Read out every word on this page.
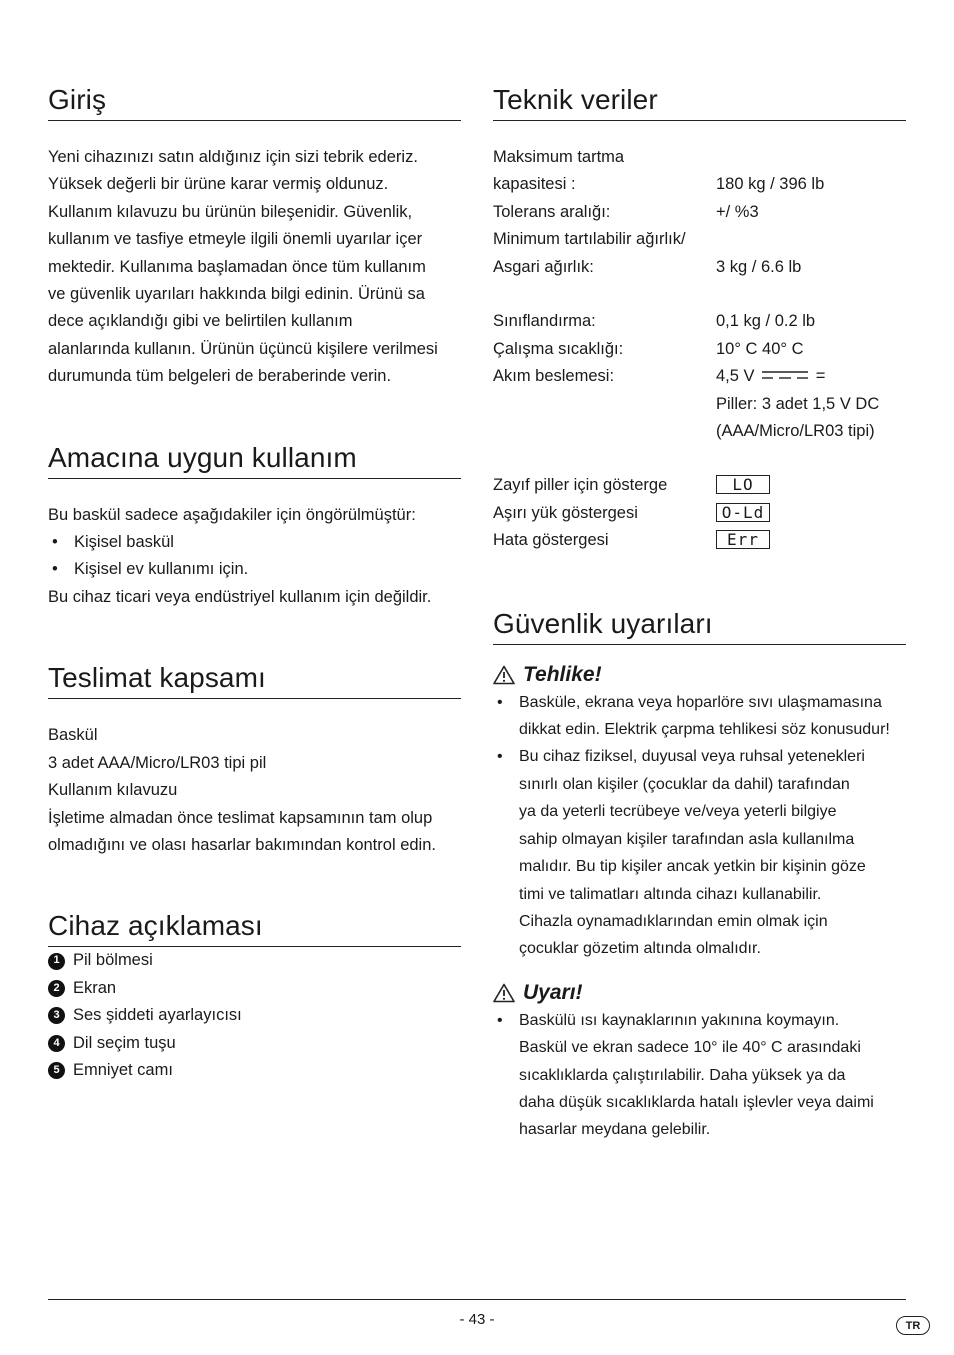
Giriş

Yeni cihazınızı satın aldığınız için sizi tebrik ederiz.

Yüksek değerli bir ürüne karar vermiş oldunuz.

Kullanım kılavuzu bu ürünün bileşenidir. Güvenlik,

kullanım ve tasfiye etmeyle ilgili önemli uyarılar içer

mektedir. Kullanıma başlamadan önce tüm kullanım

ve güvenlik uyarıları hakkında bilgi edinin. Ürünü sa

dece açıklandığı gibi ve belirtilen kullanım

alanlarında kullanın. Ürünün üçüncü kişilere verilmesi

durumunda tüm belgeleri de beraberinde verin.

Amacına uygun kullanım

Bu baskül sadece aşağıdakiler için öngörülmüştür:

• Kişisel baskül
• Kişisel ev kullanımı için.

Bu cihaz ticari veya endüstriyel kullanım için değildir.

Teslimat kapsamı

Baskül

3 adet AAA/Micro/LR03 tipi pil

Kullanım kılavuzu

İşletime almadan önce teslimat kapsamının tam olup

olmadığını ve olası hasarlar bakımından kontrol edin.

Cihaz açıklaması
1 Pil bölmesi
2 Ekran
3 Ses şiddeti ayarlayıcısı
4 Dil seçim tuşu
5 Emniyet camı
Teknik veriler
Maksimum tartma	
kapasitesi :	180 kg / 396 lb
Tolerans aralığı:	+/ %3
Minimum tartılabilir ağırlık/	
Asgari ağırlık:	3 kg / 6.6 lb

Sınıflandırma:	0,1 kg / 0.2 lb
Çalışma sıcaklığı:	10° C 40° C
Akım beslemesi:	4,5 V =
	Piller: 3 adet 1,5 V DC
	(AAA/Micro/LR03 tipi)

Zayıf piller için gösterge	LO
Aşırı yük göstergesi	O-Ld
Hata göstergesi	Err
Güvenlik uyarıları

Tehlike!

• Basküle, ekrana veya hoparlöre sıvı ulaşmamasına
dikkat edin. Elektrik çarpma tehlikesi söz konusudur!
• Bu cihaz fiziksel, duyusal veya ruhsal yetenekleri
sınırlı olan kişiler (çocuklar da dahil) tarafından
ya da yeterli tecrübeye ve/veya yeterli bilgiye
sahip olmayan kişiler tarafından asla kullanılma
malıdır. Bu tip kişiler ancak yetkin bir kişinin göze
timi ve talimatları altında cihazı kullanabilir.
Cihazla oynamadıklarından emin olmak için
çocuklar gözetim altında olmalıdır.

Uyarı!

• Baskülü ısı kaynaklarının yakınına koymayın.
Baskül ve ekran sadece 10° ile 40° C arasındaki
sıcaklıklarda çalıştırılabilir. Daha yüksek ya da
daha düşük sıcaklıklarda hatalı işlevler veya daimi
hasarlar meydana gelebilir.
- 43 -	TR
